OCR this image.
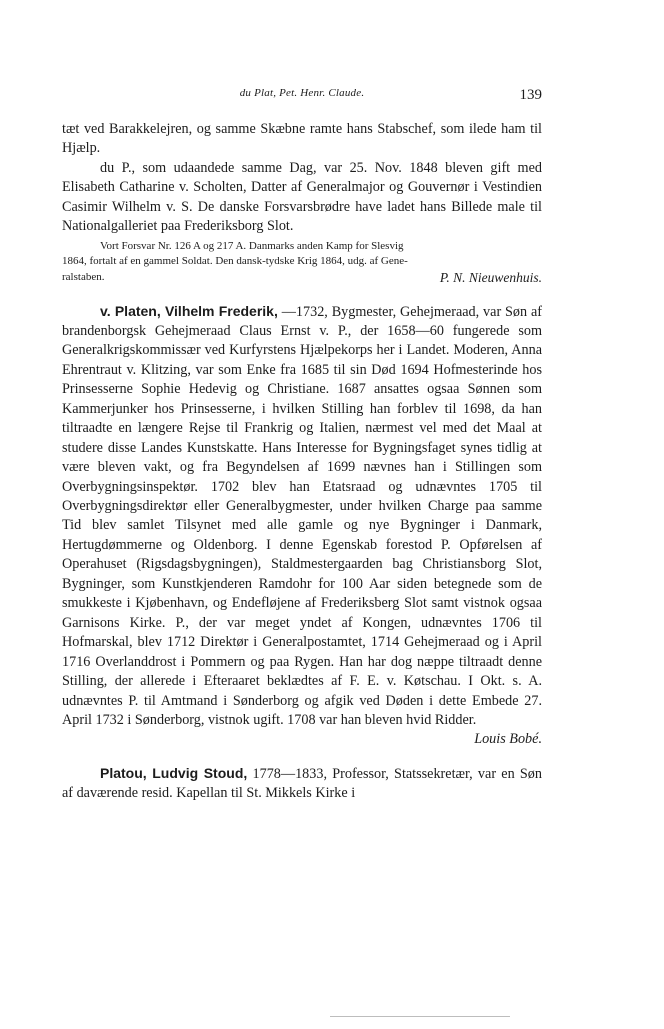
du Plat, Pet. Henr. Claude.	139

tæt ved Barakkelejren, og samme Skæbne ramte hans Stabschef, som ilede ham til Hjælp.

du P., som udaandede samme Dag, var 25. Nov. 1848 bleven gift med Elisabeth Catharine v. Scholten, Datter af Generalmajor og Gouvernør i Vestindien Casimir Wilhelm v. S. De danske Forsvarsbrødre have ladet hans Billede male til Nationalgalleriet paa Frederiksborg Slot.

Vort Forsvar Nr. 126 A og 217 A. Danmarks anden Kamp for Slesvig
1864, fortalt af en gammel Soldat. Den dansk-tydske Krig 1864, udg. af Gene-
ralstaben.	P. N. Nieuwenhuis.

v. Platen, Vilhelm Frederik, —1732, Bygmester, Gehejmeraad, var Søn af brandenborgsk Gehejmeraad Claus Ernst v. P., der 1658—60 fungerede som Generalkrigskommissær ved Kurfyrstens Hjælpekorps her i Landet. Moderen, Anna Ehrentraut v. Klitzing, var som Enke fra 1685 til sin Død 1694 Hofmesterinde hos Prinsesserne Sophie Hedevig og Christiane. 1687 ansattes ogsaa Sønnen som Kammerjunker hos Prinsesserne, i hvilken Stilling han forblev til 1698, da han tiltraadte en længere Rejse til Frankrig og Italien, nærmest vel med det Maal at studere disse Landes Kunstskatte. Hans Interesse for Bygningsfaget synes tidlig at være bleven vakt, og fra Begyndelsen af 1699 nævnes han i Stillingen som Overbygningsinspektør. 1702 blev han Etatsraad og udnævntes 1705 til Overbygningsdirektør eller Generalbygmester, under hvilken Charge paa samme Tid blev samlet Tilsynet med alle gamle og nye Bygninger i Danmark, Hertugdømmerne og Oldenborg. I denne Egenskab forestod P. Opførelsen af Operahuset (Rigsdagsbygningen), Staldmestergaarden bag Christiansborg Slot, Bygninger, som Kunstkjenderen Ramdohr for 100 Aar siden betegnede som de smukkeste i Kjøbenhavn, og Endefløjene af Frederiksberg Slot samt vistnok ogsaa Garnisons Kirke. P., der var meget yndet af Kongen, udnævntes 1706 til Hofmarskal, blev 1712 Direktør i Generalpostamtet, 1714 Gehejmeraad og i April 1716 Overlanddrost i Pommern og paa Rygen. Han har dog næppe tiltraadt denne Stilling, der allerede i Efteraaret beklædtes af F. E. v. Køtschau. I Okt. s. A. udnævntes P. til Amtmand i Sønderborg og afgik ved Døden i dette Embede 27. April 1732 i Sønderborg, vistnok ugift. 1708 var han bleven hvid Ridder.
Louis Bobé.

Platou, Ludvig Stoud, 1778—1833, Professor, Statssekretær, var en Søn af daværende resid. Kapellan til St. Mikkels Kirke i
